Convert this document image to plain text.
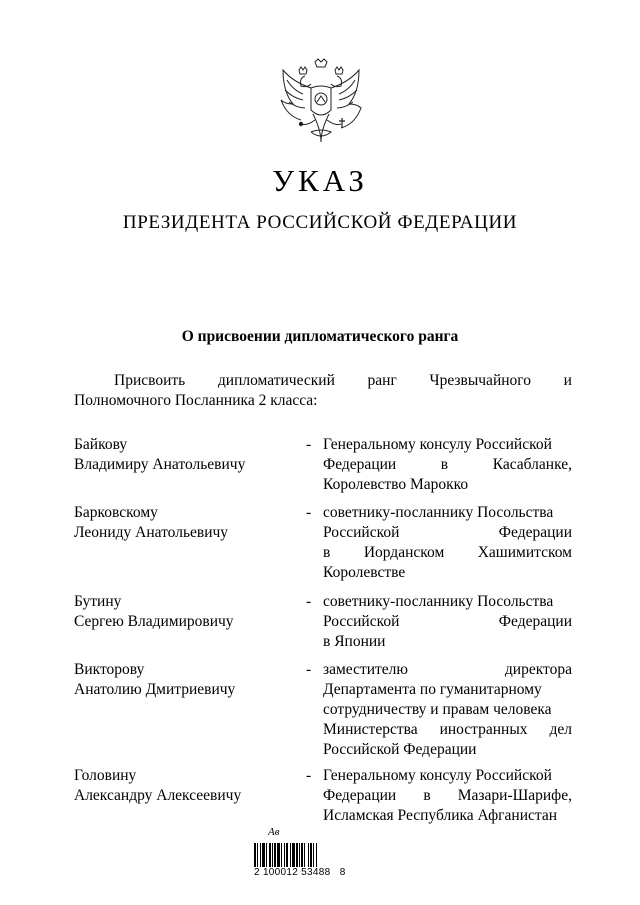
УКАЗ
ПРЕЗИДЕНТА РОССИЙСКОЙ ФЕДЕРАЦИИ
О присвоении дипломатического ранга
Присвоить дипломатический ранг Чрезвычайного и
Полномочного Посланника 2 класса:
Байкову
Владимиру Анатольевичу
- Генеральному консулу Российской
Федерации	в	Касабланке,
Королевство Марокко
Барковскому
Леониду Анатольевичу
- советнику-посланнику Посольства
Российской	Федерации
в Иорданском Хашимитском
Королевстве
Бутину
Сергею Владимировичу
- советнику-посланнику Посольства
Российской	Федерации
в Японии
Викторову
Анатолию Дмитриевичу
- заместителю	директора
Департамента по гуманитарному
сотрудничеству и правам человека
Министерства иностранных дел
Российской Федерации
Головину
Александру Алексеевичу
- Генеральному консулу Российской
Федерации в Мазари-Шарифе,
Исламская Республика Афганистан
Ав
2 100012 53488   8
